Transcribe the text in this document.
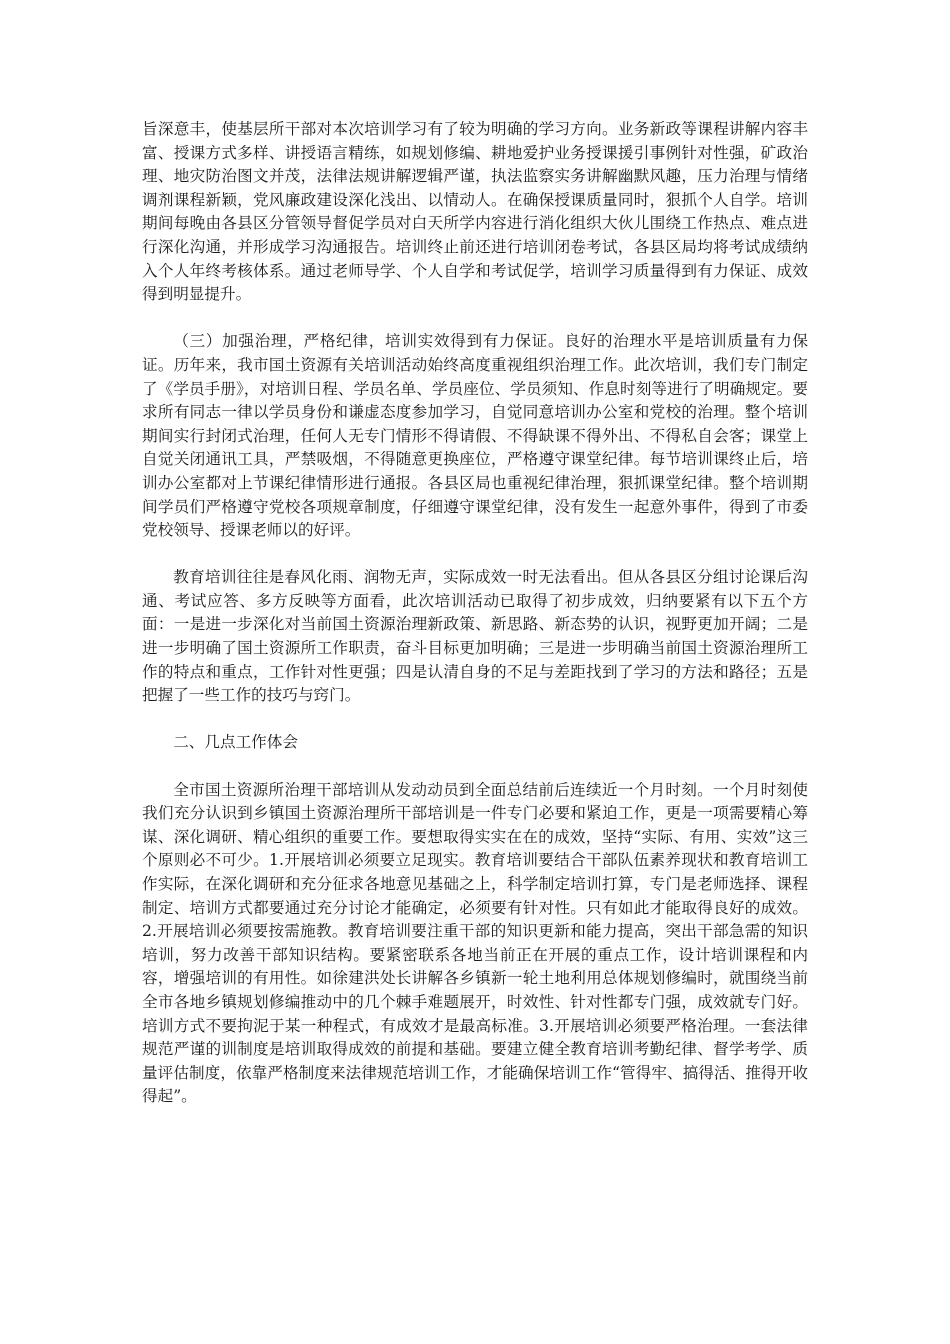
旨深意丰，使基层所干部对本次培训学习有了较为明确的学习方向。业务新政等课程讲解内容丰富、授课方式多样、讲授语言精练，如规划修编、耕地爱护业务授课援引事例针对性强，矿政治理、地灾防治图文并茂，法律法规讲解逻辑严谨，执法监察实务讲解幽默风趣，压力治理与情绪调剂课程新颖，党风廉政建设深化浅出、以情动人。在确保授课质量同时，狠抓个人自学。培训期间每晚由各县区分管领导督促学员对白天所学内容进行消化组织大伙儿围绕工作热点、难点进行深化沟通，并形成学习沟通报告。培训终止前还进行培训闭卷考试，各县区局均将考试成绩纳入个人年终考核体系。通过老师导学、个人自学和考试促学，培训学习质量得到有力保证、成效得到明显提升。

（三）加强治理，严格纪律，培训实效得到有力保证。良好的治理水平是培训质量有力保证。历年来，我市国土资源有关培训活动始终高度重视组织治理工作。此次培训，我们专门制定了《学员手册》，对培训日程、学员名单、学员座位、学员须知、作息时刻等进行了明确规定。要求所有同志一律以学员身份和谦虚态度参加学习，自觉同意培训办公室和党校的治理。整个培训期间实行封闭式治理，任何人无专门情形不得请假、不得缺课不得外出、不得私自会客；课堂上自觉关闭通讯工具，严禁吸烟，不得随意更换座位，严格遵守课堂纪律。每节培训课终止后，培训办公室都对上节课纪律情形进行通报。各县区局也重视纪律治理，狠抓课堂纪律。整个培训期间学员们严格遵守党校各项规章制度，仔细遵守课堂纪律，没有发生一起意外事件，得到了市委党校领导、授课老师以的好评。

教育培训往往是春风化雨、润物无声，实际成效一时无法看出。但从各县区分组讨论课后沟通、考试应答、多方反映等方面看，此次培训活动已取得了初步成效，归纳要紧有以下五个方面：一是进一步深化对当前国土资源治理新政策、新思路、新态势的认识，视野更加开阔；二是进一步明确了国土资源所工作职责，奋斗目标更加明确；三是进一步明确当前国土资源治理所工作的特点和重点，工作针对性更强；四是认清自身的不足与差距找到了学习的方法和路径；五是把握了一些工作的技巧与窍门。

二、几点工作体会

全市国土资源所治理干部培训从发动动员到全面总结前后连续近一个月时刻。一个月时刻使我们充分认识到乡镇国土资源治理所干部培训是一件专门必要和紧迫工作，更是一项需要精心筹谋、深化调研、精心组织的重要工作。要想取得实实在在的成效，坚持“实际、有用、实效”这三个原则必不可少。1.开展培训必须要立足现实。教育培训要结合干部队伍素养现状和教育培训工作实际，在深化调研和充分征求各地意见基础之上，科学制定培训打算，专门是老师选择、课程制定、培训方式都要通过充分讨论才能确定，必须要有针对性。只有如此才能取得良好的成效。2.开展培训必须要按需施教。教育培训要注重干部的知识更新和能力提高，突出干部急需的知识培训，努力改善干部知识结构。要紧密联系各地当前正在开展的重点工作，设计培训课程和内容，增强培训的有用性。如徐建洪处长讲解各乡镇新一轮土地利用总体规划修编时，就围绕当前全市各地乡镇规划修编推动中的几个棘手难题展开，时效性、针对性都专门强，成效就专门好。培训方式不要拘泥于某一种程式，有成效才是最高标准。3.开展培训必须要严格治理。一套法律规范严谨的训制度是培训取得成效的前提和基础。要建立健全教育培训考勤纪律、督学考学、质量评估制度，依靠严格制度来法律规范培训工作，才能确保培训工作“管得牢、搞得活、推得开收得起”。
